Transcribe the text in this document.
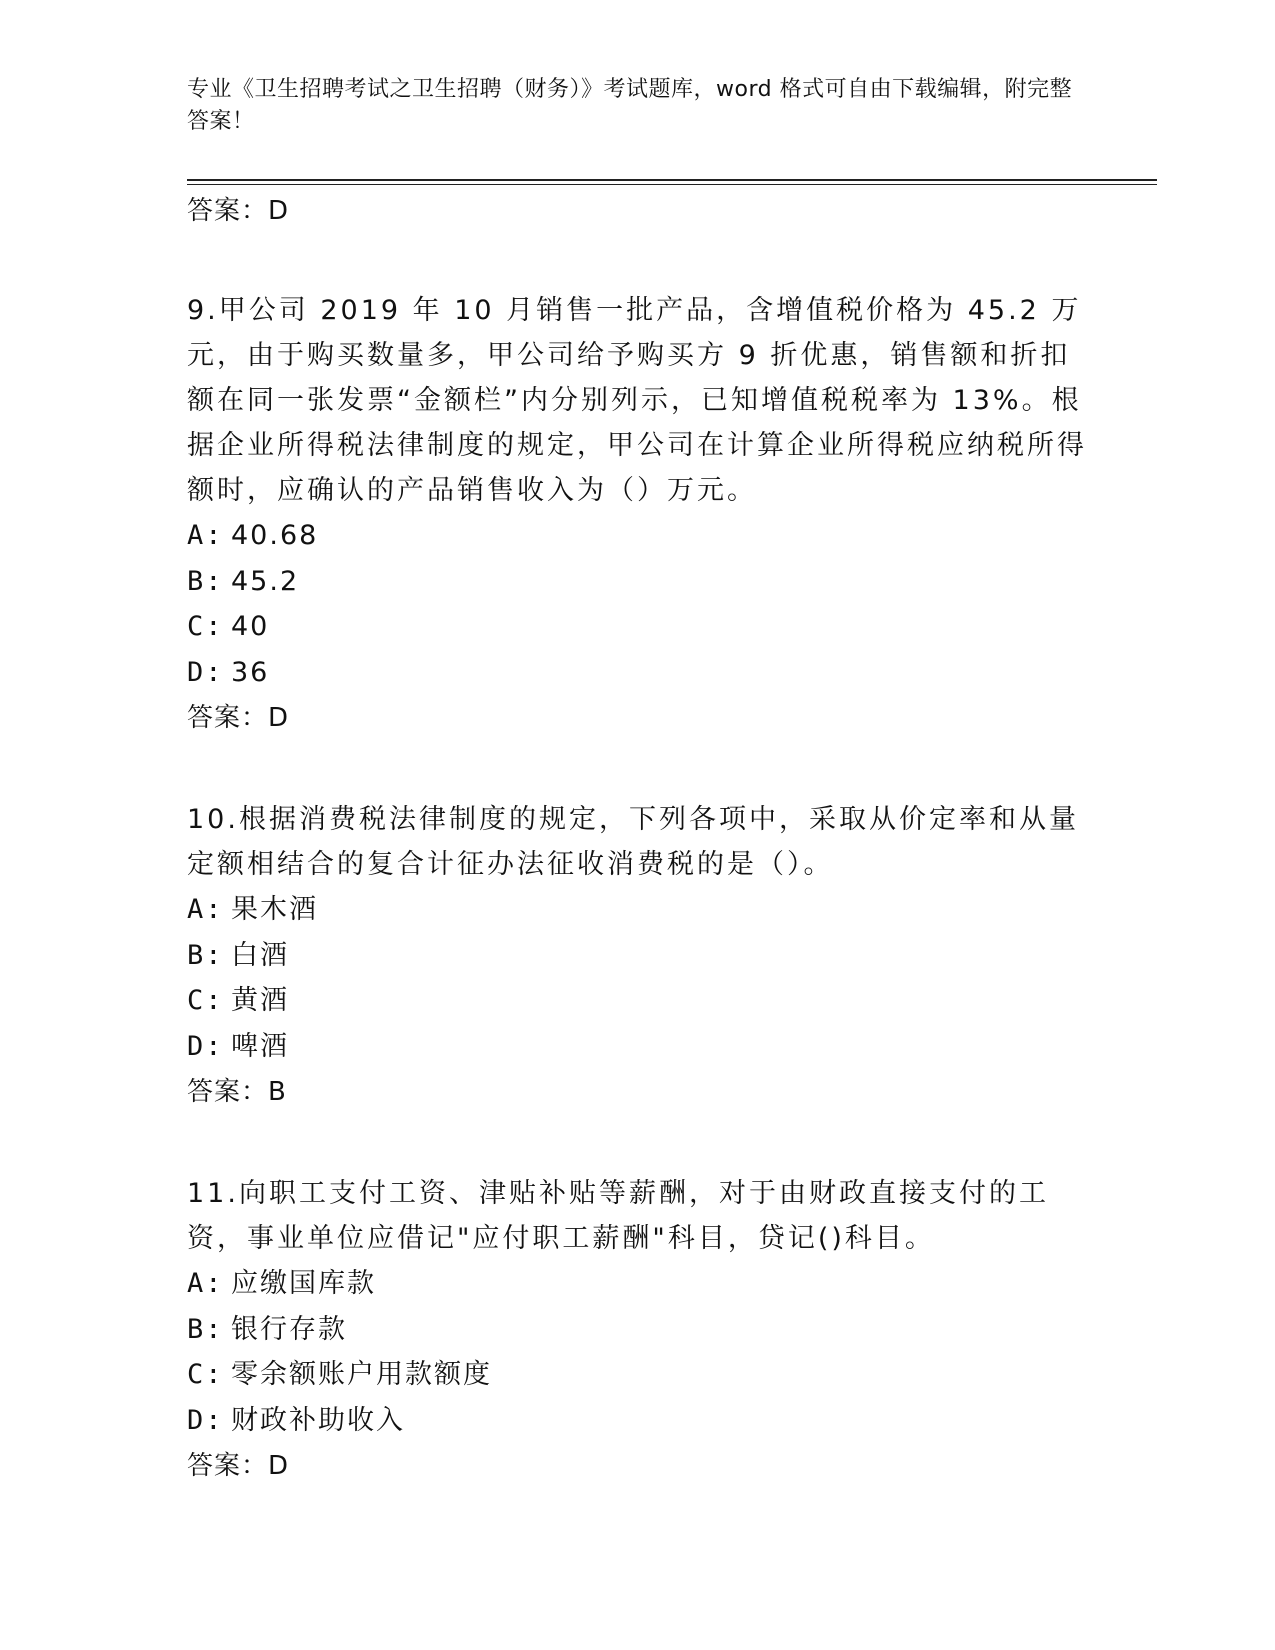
专业《卫生招聘考试之卫生招聘（财务）》考试题库，word 格式可自由下载编辑，附完整答案！
答案：D
9.甲公司 2019 年 10 月销售一批产品，含增值税价格为 45.2 万元，由于购买数量多，甲公司给予购买方 9 折优惠，销售额和折扣额在同一张发票“金额栏”内分别列示，已知增值税税率为 13%。根据企业所得税法律制度的规定，甲公司在计算企业所得税应纳税所得额时，应确认的产品销售收入为（）万元。
A: 40.68
B: 45.2
C: 40
D: 36
答案：D
10.根据消费税法律制度的规定，下列各项中，采取从价定率和从量定额相结合的复合计征办法征收消费税的是（）。
A: 果木酒
B: 白酒
C: 黄酒
D: 啤酒
答案：B
11.向职工支付工资、津贴补贴等薪酬，对于由财政直接支付的工资，事业单位应借记"应付职工薪酬"科目，贷记()科目。
A: 应缴国库款
B: 银行存款
C: 零余额账户用款额度
D: 财政补助收入
答案：D
